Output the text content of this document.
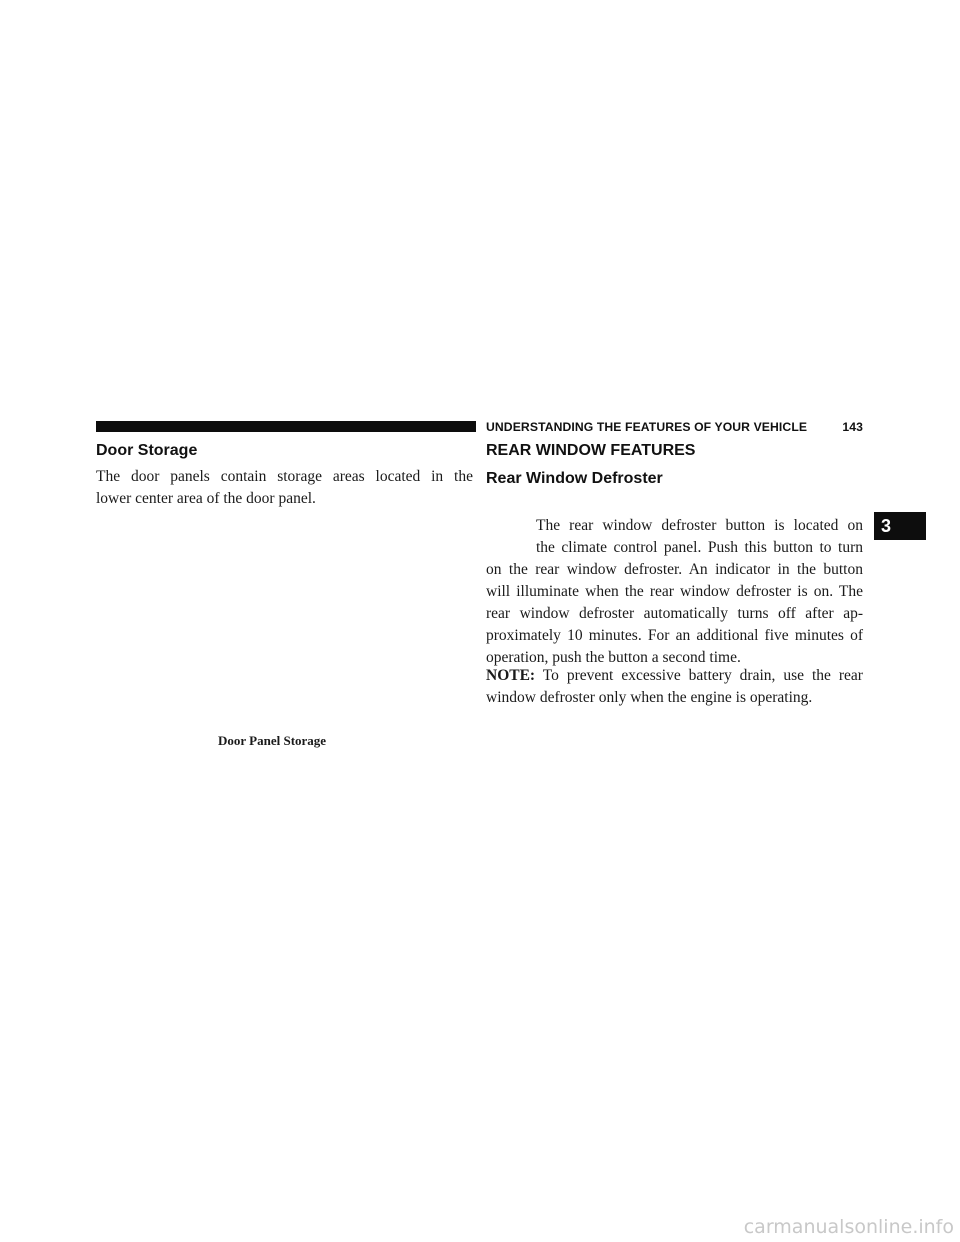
UNDERSTANDING THE FEATURES OF YOUR VEHICLE	143
Door Storage
The door panels contain storage areas located in the
lower center area of the door panel.

Door Panel Storage

REAR WINDOW FEATURES
Rear Window Defroster
The rear window defroster button is located on
the climate control panel. Push this button to turn
on the rear window defroster. An indicator in the button
will illuminate when the rear window defroster is on. The
rear window defroster automatically turns off after ap-
proximately 10 minutes. For an additional five minutes of
operation, push the button a second time.
NOTE: To prevent excessive battery drain, use the rear
window defroster only when the engine is operating.
3
carmanualsonline.info
